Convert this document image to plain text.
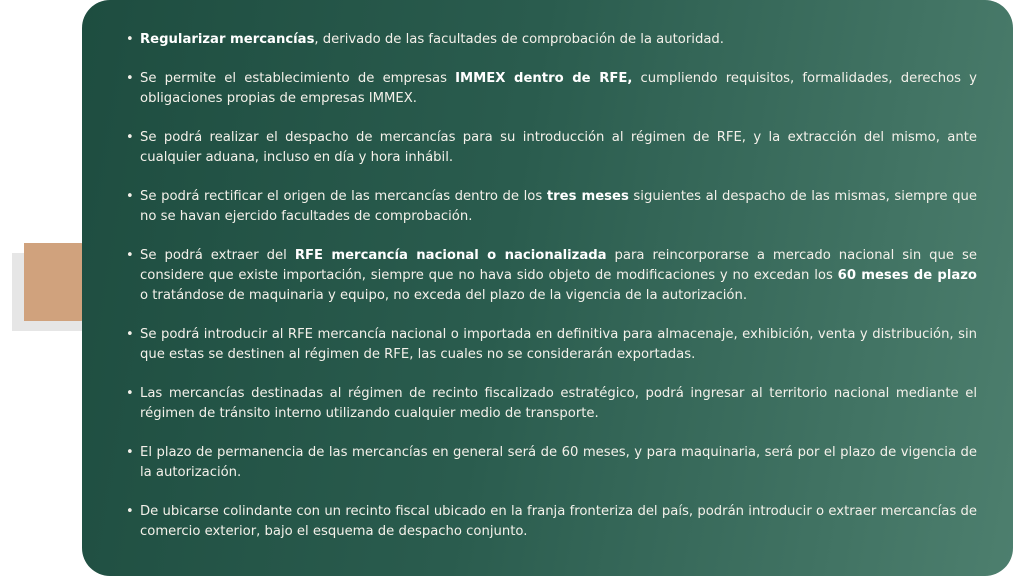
• Regularizar mercancías, derivado de las facultades de comprobación de la autoridad.
• Se permite el establecimiento de empresas IMMEX dentro de RFE, cumpliendo requisitos, formalidades, derechos y obligaciones propias de empresas IMMEX.
• Se podrá realizar el despacho de mercancías para su introducción al régimen de RFE, y la extracción del mismo, ante cualquier aduana, incluso en día y hora inhábil.
• Se podrá rectificar el origen de las mercancías dentro de los tres meses siguientes al despacho de las mismas, siempre que no se havan ejercido facultades de comprobación.
• Se podrá extraer del RFE mercancía nacional o nacionalizada para reincorporarse a mercado nacional sin que se considere que existe importación, siempre que no hava sido objeto de modificaciones y no excedan los 60 meses de plazo o tratándose de maquinaria y equipo, no exceda del plazo de la vigencia de la autorización.
• Se podrá introducir al RFE mercancía nacional o importada en definitiva para almacenaje, exhibición, venta y distribución, sin que estas se destinen al régimen de RFE, las cuales no se considerarán exportadas.
• Las mercancías destinadas al régimen de recinto fiscalizado estratégico, podrá ingresar al territorio nacional mediante el régimen de tránsito interno utilizando cualquier medio de transporte.
• El plazo de permanencia de las mercancías en general será de 60 meses, y para maquinaria, será por el plazo de vigencia de la autorización.
• De ubicarse colindante con un recinto fiscal ubicado en la franja fronteriza del país, podrán introducir o extraer mercancías de comercio exterior, bajo el esquema de despacho conjunto.
